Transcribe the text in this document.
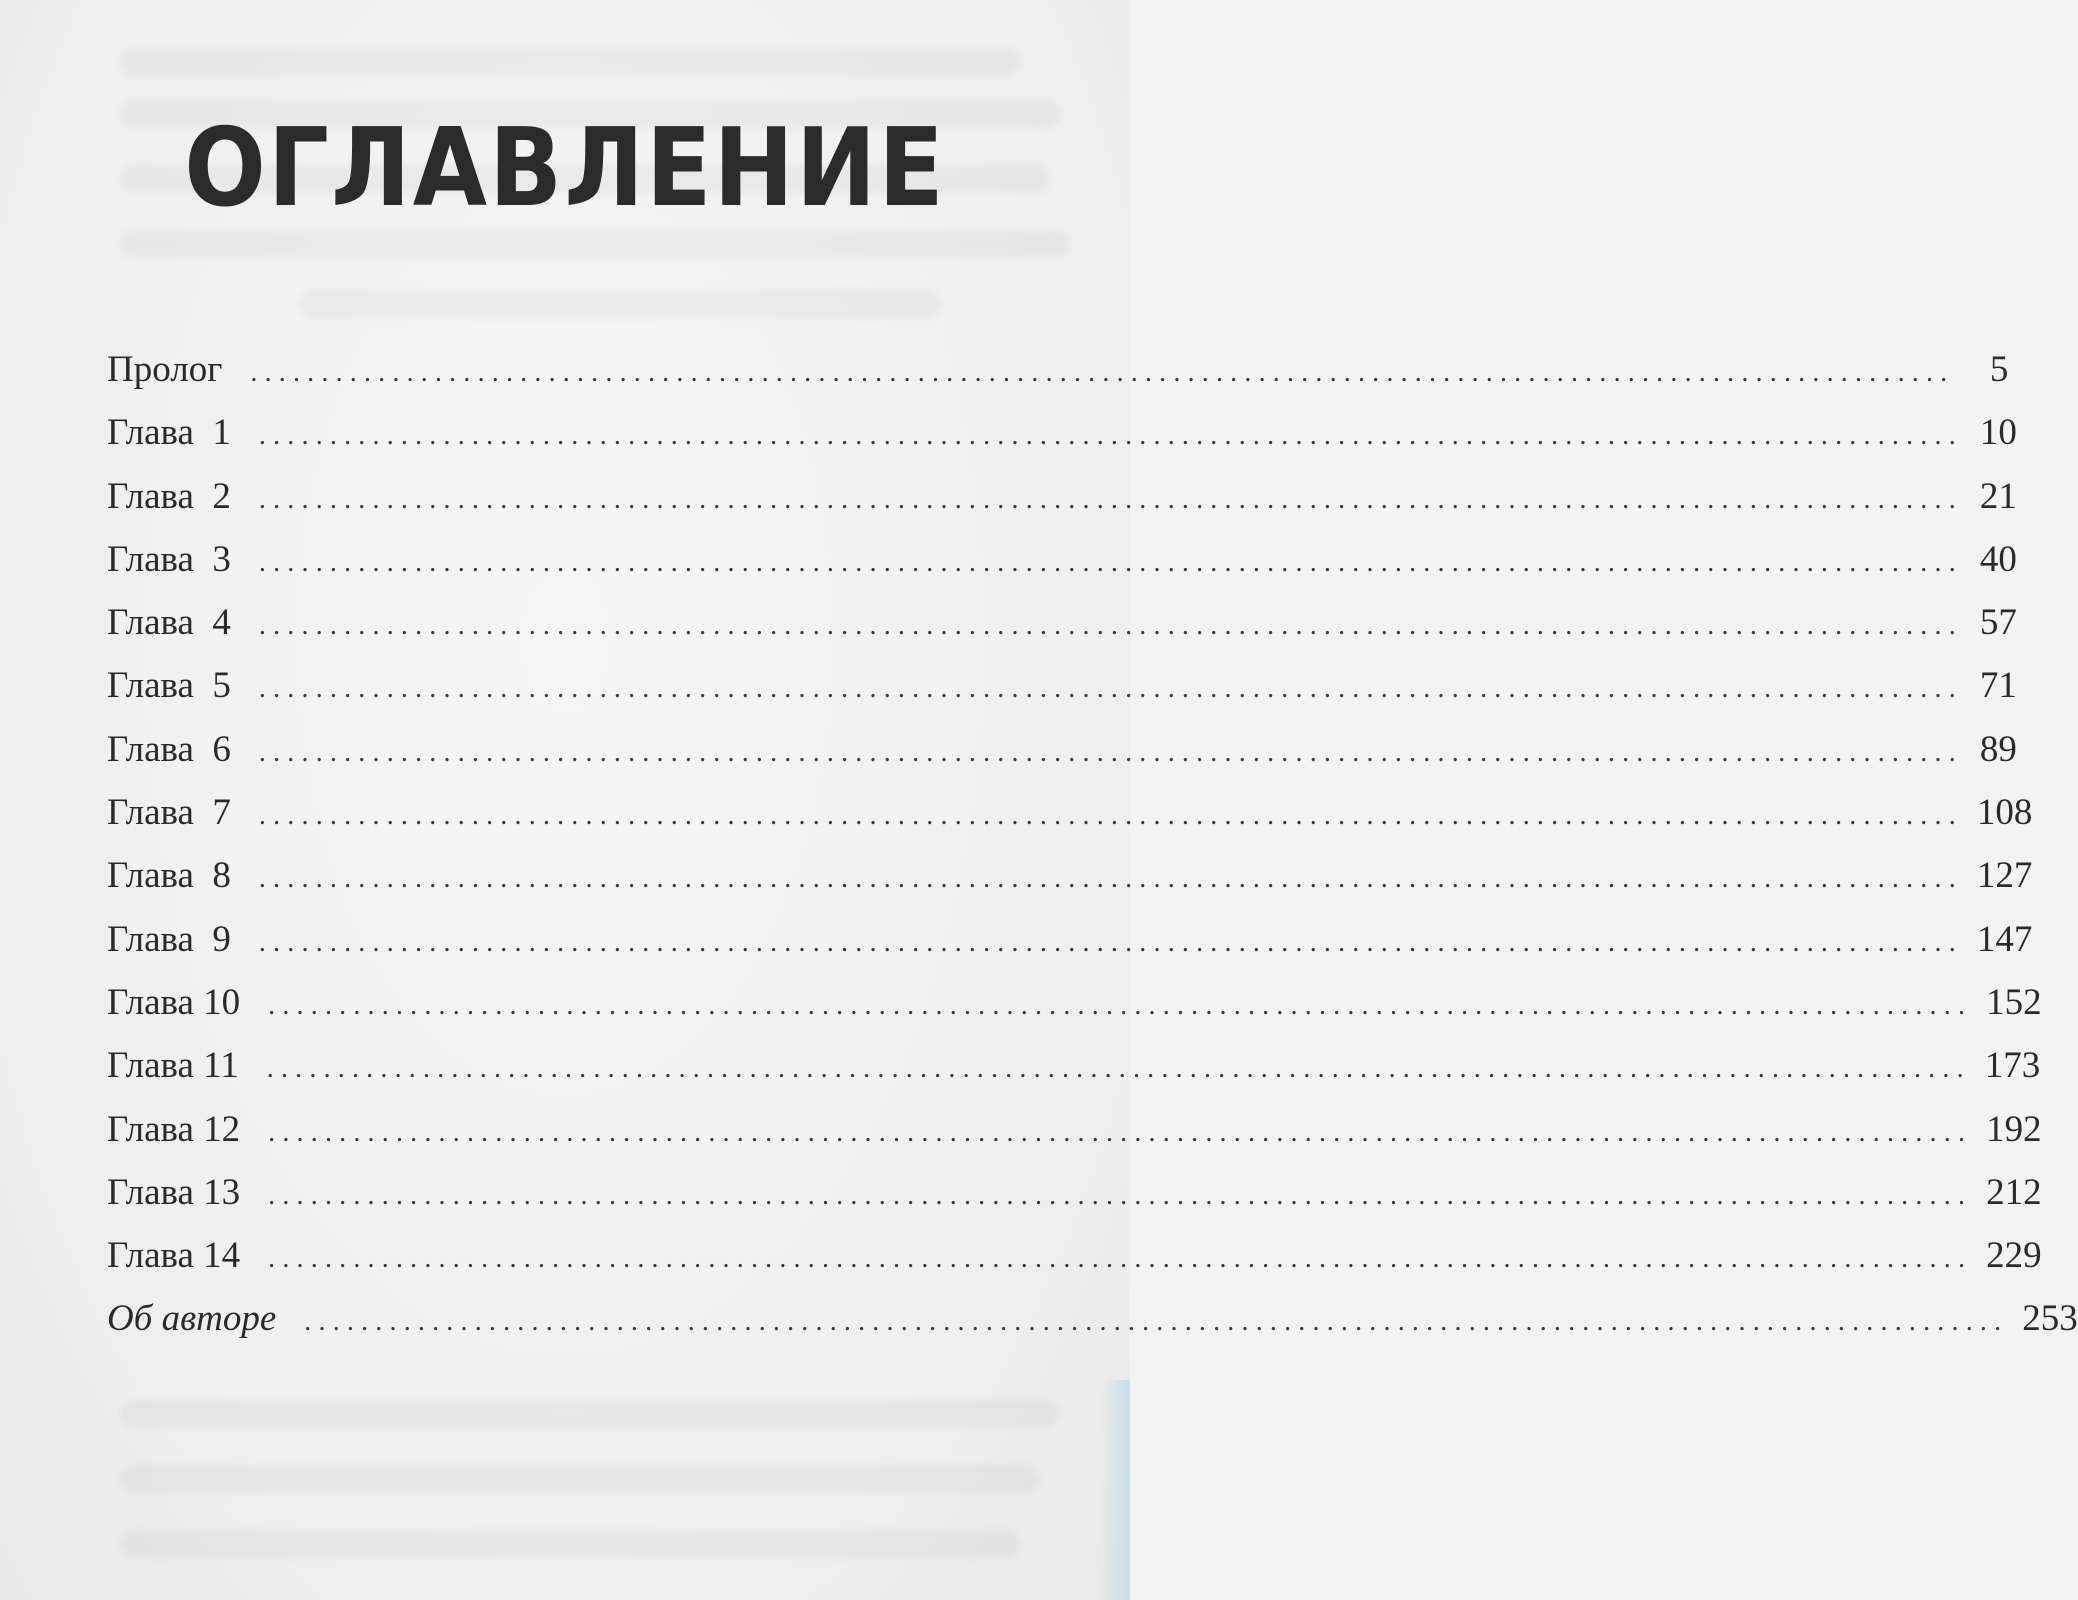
ОГЛАВЛЕНИЕ
Пролог	........................................................................................................................ 5
Глава  1	........................................................................................................................ 10
Глава  2	........................................................................................................................ 21
Глава  3	........................................................................................................................ 40
Глава  4	........................................................................................................................ 57
Глава  5	........................................................................................................................ 71
Глава  6	........................................................................................................................ 89
Глава  7	........................................................................................................................ 108
Глава  8	........................................................................................................................ 127
Глава  9	........................................................................................................................ 147
Глава 10	........................................................................................................................ 152
Глава 11	........................................................................................................................ 173
Глава 12	........................................................................................................................ 192
Глава 13	........................................................................................................................ 212
Глава 14	........................................................................................................................ 229
Об авторе	........................................................................................................................ 253
